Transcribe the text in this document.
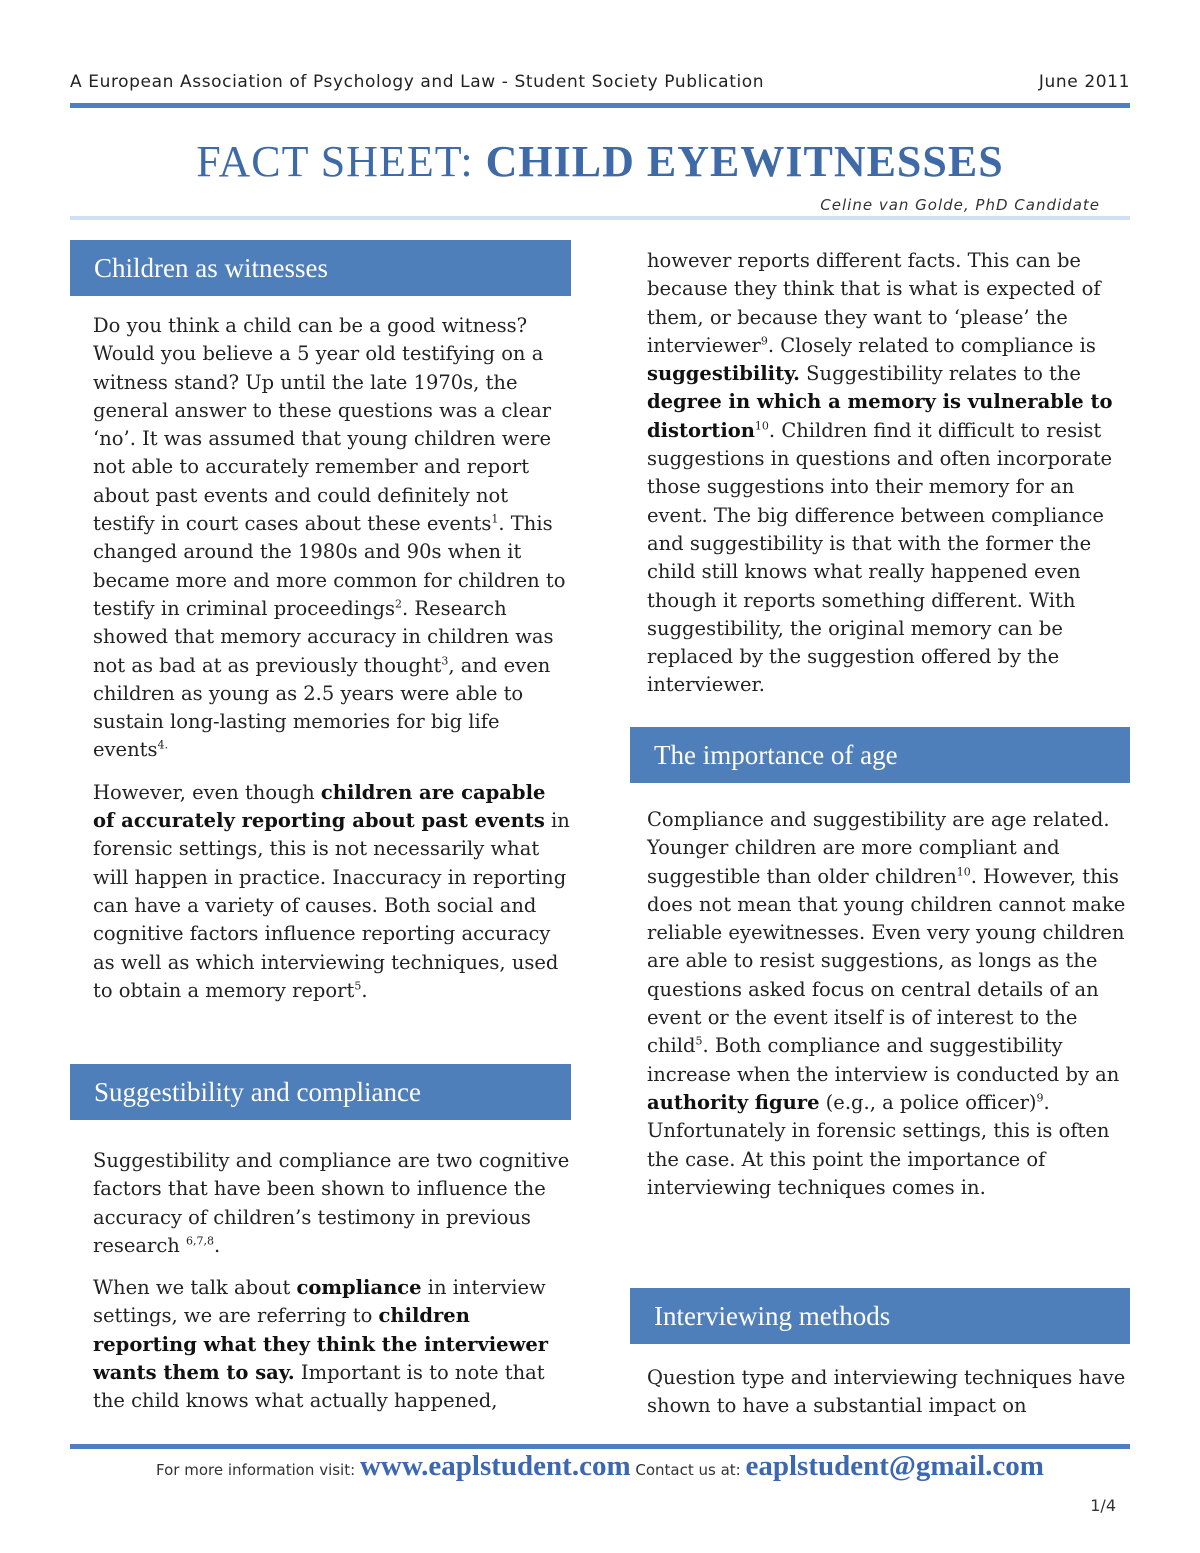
A European Association of Psychology and Law - Student Society Publication	June 2011
FACT SHEET: CHILD EYEWITNESSES
Celine van Golde, PhD Candidate
Children as witnesses

Do you think a child can be a good witness? Would you believe a 5 year old testifying on a witness stand? Up until the late 1970s, the general answer to these questions was a clear ‘no’. It was assumed that young children were not able to accurately remember and report about past events and could definitely not testify in court cases about these events$^1$. This changed around the 1980s and 90s when it became more and more common for children to testify in criminal proceedings$^2$. Research showed that memory accuracy in children was not as bad at as previously thought$^3$, and even children as young as 2.5 years were able to sustain long-lasting memories for big life events$^{4.}$

However, even though children are capable of accurately reporting about past events in forensic settings, this is not necessarily what will happen in practice. Inaccuracy in reporting can have a variety of causes. Both social and cognitive factors influence reporting accuracy as well as which interviewing techniques, used to obtain a memory report$^5$.

Suggestibility and compliance

Suggestibility and compliance are two cognitive factors that have been shown to influence the accuracy of children’s testimony in previous research $^{6,7,8}$.

When we talk about compliance in interview settings, we are referring to children reporting what they think the interviewer wants them to say. Important is to note that the child knows what actually happened,

however reports different facts. This can be because they think that is what is expected of them, or because they want to ‘please’ the interviewer$^9$. Closely related to compliance is suggestibility. Suggestibility relates to the degree in which a memory is vulnerable to distortion$^{10}$. Children find it difficult to resist suggestions in questions and often incorporate those suggestions into their memory for an event. The big difference between compliance and suggestibility is that with the former the child still knows what really happened even though it reports something different. With suggestibility, the original memory can be replaced by the suggestion offered by the interviewer.

The importance of age

Compliance and suggestibility are age related. Younger children are more compliant and suggestible than older children$^{10}$. However, this does not mean that young children cannot make reliable eyewitnesses. Even very young children are able to resist suggestions, as longs as the questions asked focus on central details of an event or the event itself is of interest to the child$^5$. Both compliance and suggestibility increase when the interview is conducted by an authority figure (e.g., a police officer)$^9$. Unfortunately in forensic settings, this is often the case. At this point the importance of interviewing techniques comes in.

Interviewing methods

Question type and interviewing techniques have shown to have a substantial impact on

For more information visit: www.eaplstudent.com Contact us at: eaplstudent@gmail.com
1/4
